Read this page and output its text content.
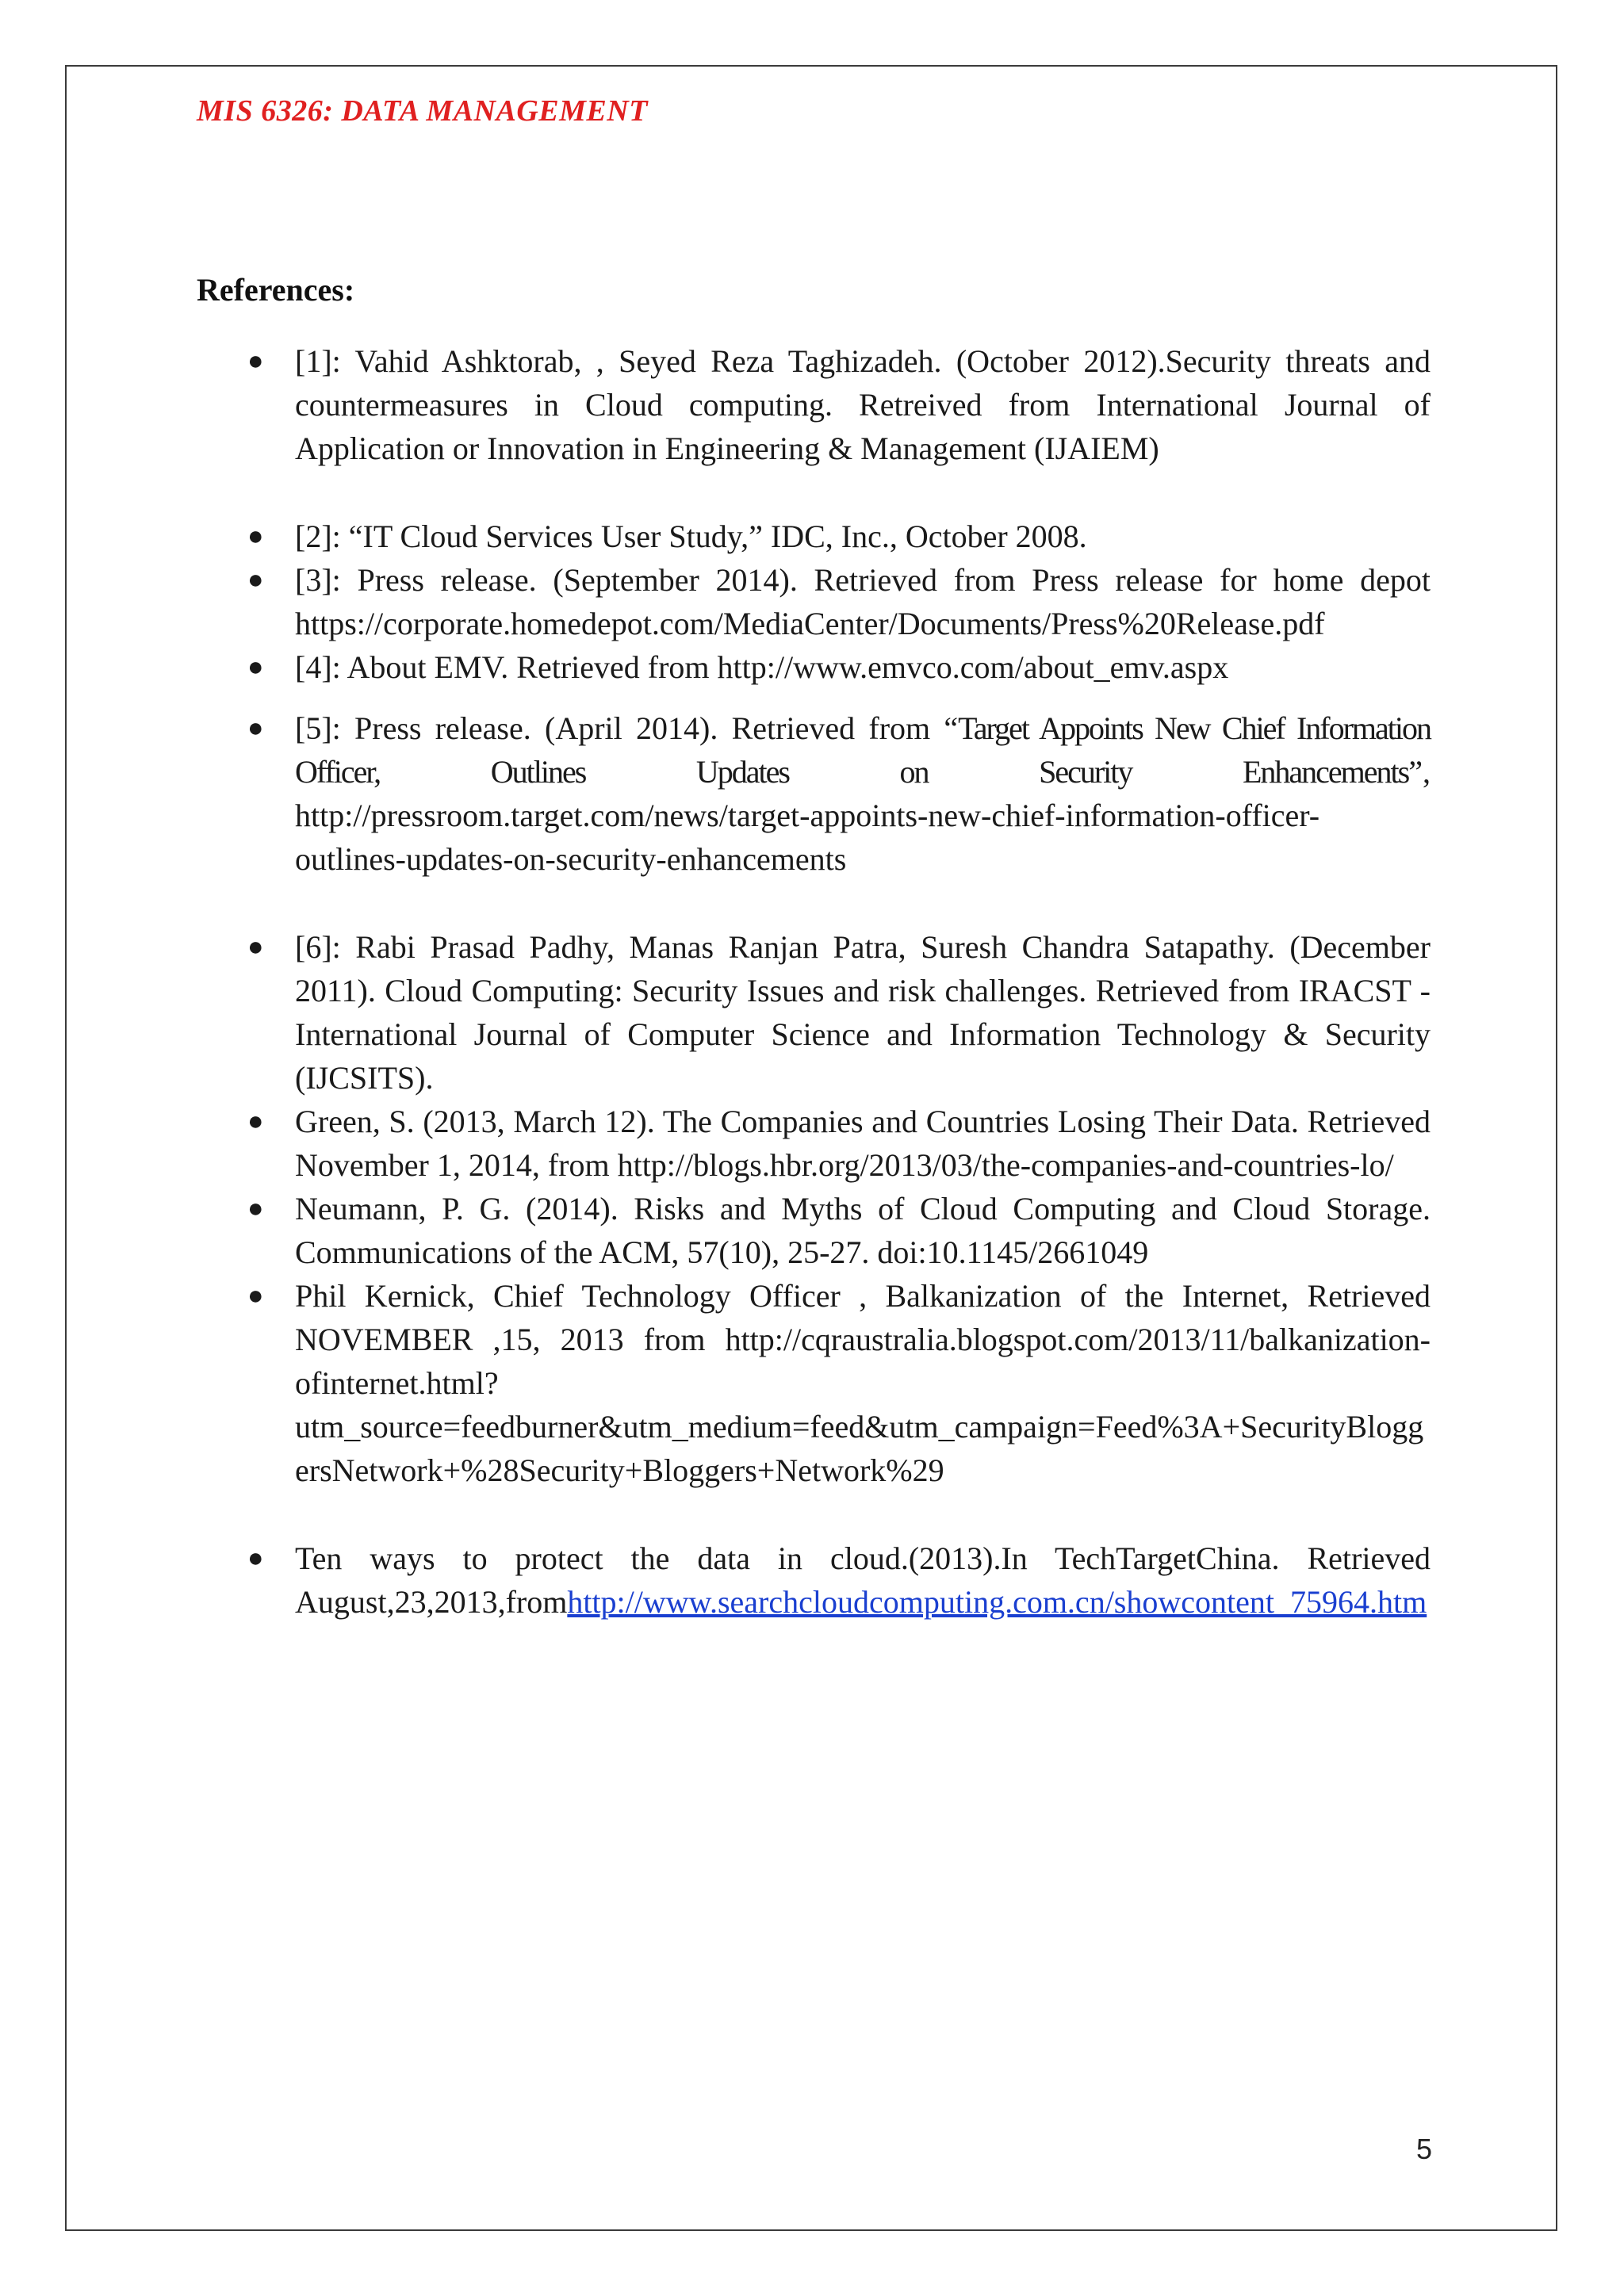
MIS 6326: DATA MANAGEMENT
References:
● [1]: Vahid Ashktorab, , Seyed Reza Taghizadeh. (October 2012).Security threats and countermeasures in Cloud computing. Retreived from International Journal of Application or Innovation in Engineering & Management (IJAIEM)
● [2]: “IT Cloud Services User Study,” IDC, Inc., October 2008.
● [3]: Press release. (September 2014). Retrieved from Press release for home depot https://corporate.homedepot.com/MediaCenter/Documents/Press%20Release.pdf
● [4]: About EMV. Retrieved from http://www.emvco.com/about_emv.aspx
● [5]: Press release. (April 2014). Retrieved from “Target Appoints New Chief Information Officer, Outlines Updates on Security Enhancements”, http://pressroom.target.com/news/target-appoints-new-chief-information-officer-outlines-updates-on-security-enhancements
● [6]: Rabi Prasad Padhy, Manas Ranjan Patra, Suresh Chandra Satapathy. (December 2011). Cloud Computing: Security Issues and risk challenges. Retrieved from IRACST - International Journal of Computer Science and Information Technology & Security (IJCSITS).
● Green, S. (2013, March 12). The Companies and Countries Losing Their Data. Retrieved November 1, 2014, from http://blogs.hbr.org/2013/03/the-companies-and-countries-lo/
● Neumann, P. G. (2014). Risks and Myths of Cloud Computing and Cloud Storage. Communications of the ACM, 57(10), 25-27. doi:10.1145/2661049
● Phil Kernick, Chief Technology Officer , Balkanization of the Internet, Retrieved NOVEMBER ,15, 2013 from http://cqraustralia.blogspot.com/2013/11/balkanization-ofinternet.html?utm_source=feedburner&utm_medium=feed&utm_campaign=Feed%3A+SecurityBloggersNetwork+%28Security+Bloggers+Network%29
● Ten ways to protect the data in cloud.(2013).In TechTargetChina. Retrieved August,23,2013,fromhttp://www.searchcloudcomputing.com.cn/showcontent_75964.htm
5
